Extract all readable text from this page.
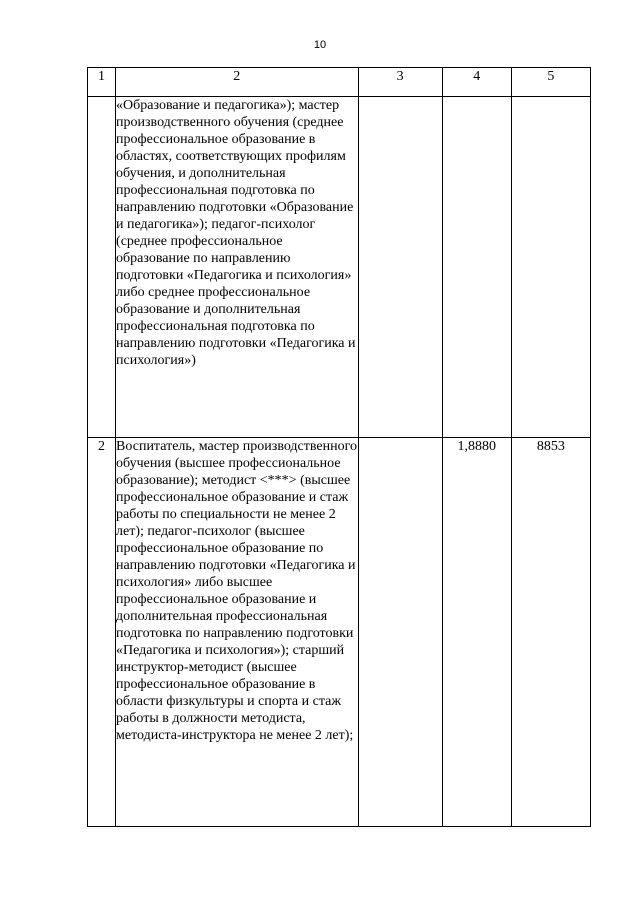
10
1	2	3	4	5

	«Образование и педагогика»); мастер производственного обучения (среднее профессиональное образование в областях, соответствующих профилям обучения, и дополнительная профессиональная подготовка по направлению подготовки «Образование и педагогика»); педагог-психолог (среднее профессиональное образование по направлению подготовки «Педагогика и психология» либо среднее профессиональное образование и дополнительная профессиональная подготовка по направлению подготовки «Педагогика и психология»)			

2	Воспитатель, мастер производственного обучения (высшее профессиональное образование); методист <***> (высшее профессиональное образование и стаж работы по специальности не менее 2 лет); педагог-психолог (высшее профессиональное образование по направлению подготовки «Педагогика и психология» либо высшее профессиональное образование и дополнительная профессиональная подготовка по направлению подготовки «Педагогика и психология»); старший инструктор-методист (высшее профессиональное образование в области физкультуры и спорта и стаж работы в должности методиста, методиста-инструктора не менее 2 лет);		1,8880	8853
